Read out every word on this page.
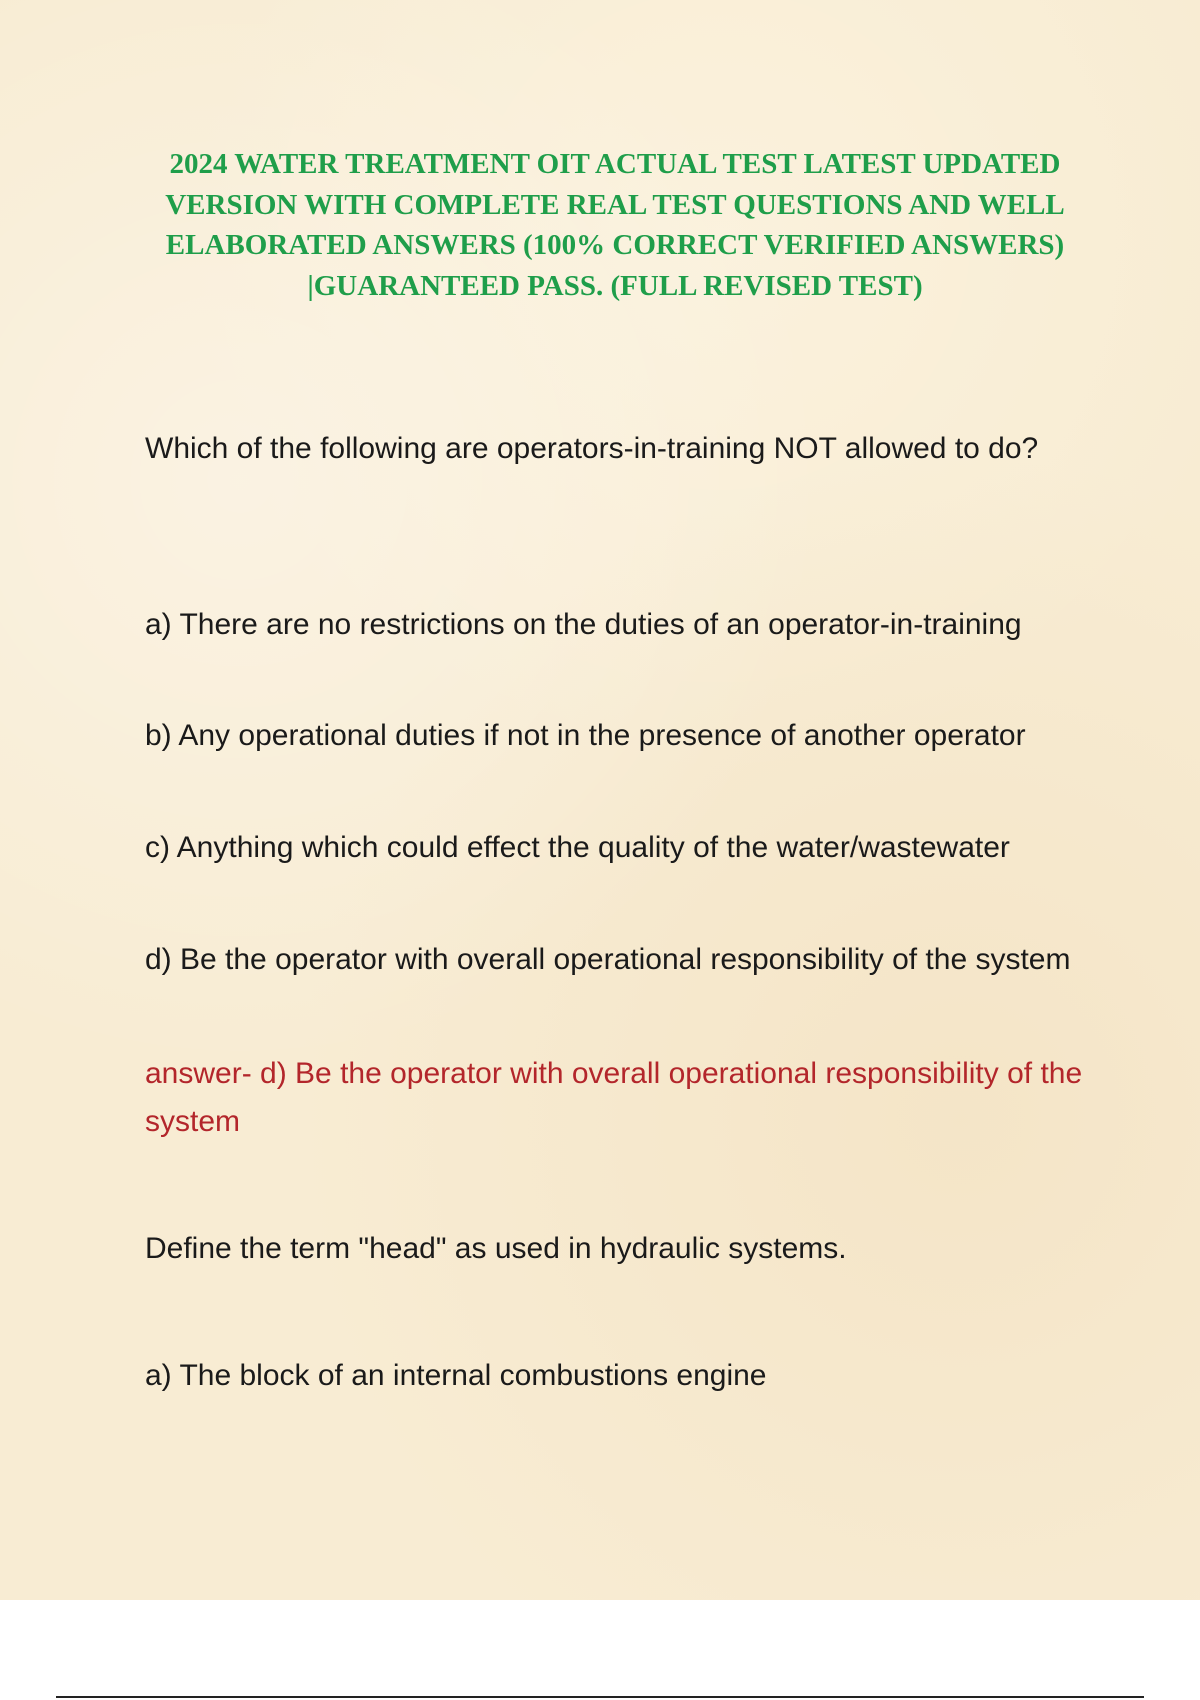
2024 WATER TREATMENT OIT ACTUAL TEST LATEST UPDATED VERSION WITH COMPLETE REAL TEST QUESTIONS AND WELL ELABORATED ANSWERS (100% CORRECT VERIFIED ANSWERS) |GUARANTEED PASS. (FULL REVISED TEST)
Which of the following are operators-in-training NOT allowed to do?
a) There are no restrictions on the duties of an operator-in-training
b) Any operational duties if not in the presence of another operator
c) Anything which could effect the quality of the water/wastewater
d) Be the operator with overall operational responsibility of the system
answer- d) Be the operator with overall operational responsibility of the system
Define the term "head" as used in hydraulic systems.
a) The block of an internal combustions engine
